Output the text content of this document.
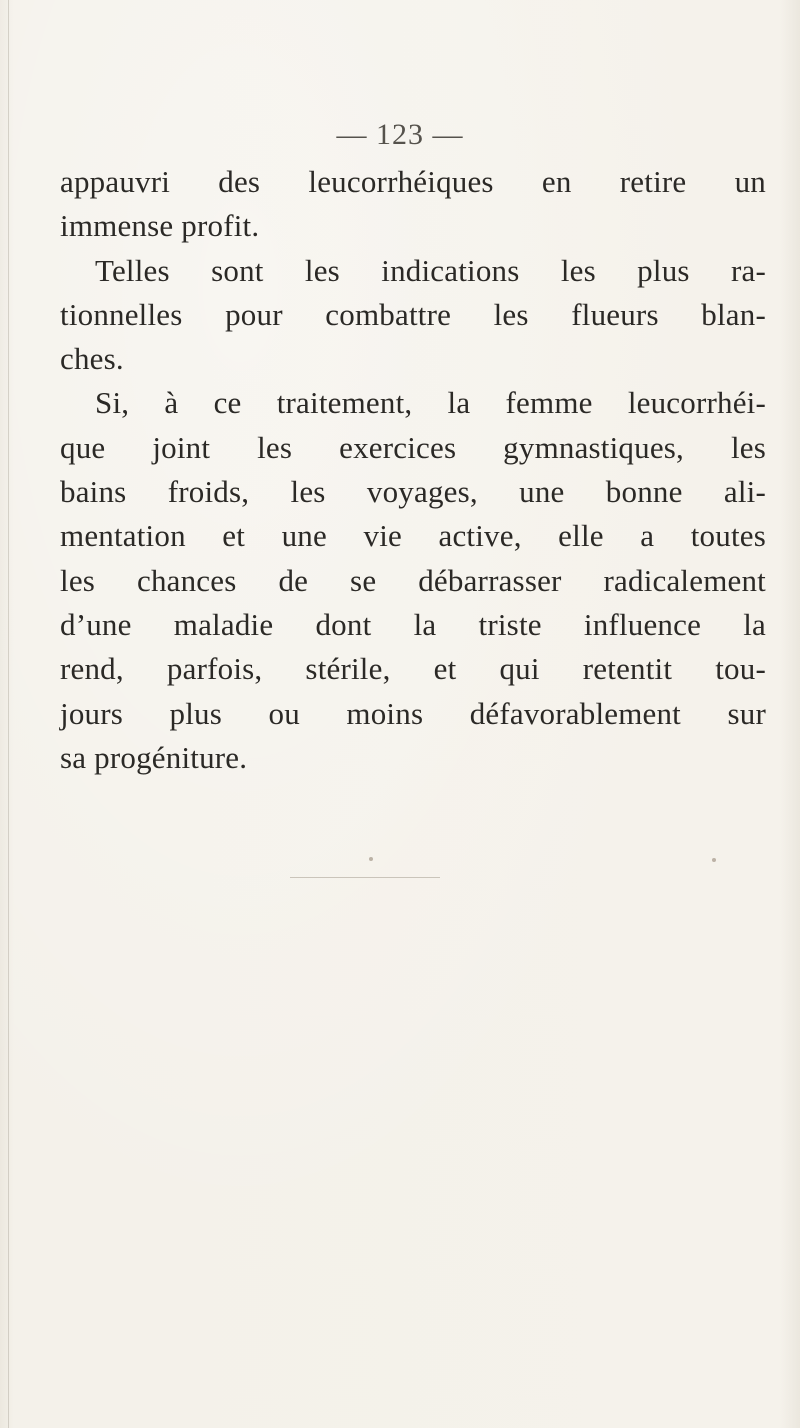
— 123 —
appauvri des leucorrhéiques en retire un
immense profit.
Telles sont les indications les plus ra-
tionnelles pour combattre les flueurs blan-
ches.
Si, à ce traitement, la femme leucorrhéi-
que joint les exercices gymnastiques, les
bains froids, les voyages, une bonne ali-
mentation et une vie active, elle a toutes
les chances de se débarrasser radicalement
d’une maladie dont la triste influence la
rend, parfois, stérile, et qui retentit tou-
jours plus ou moins défavorablement sur
sa progéniture.
